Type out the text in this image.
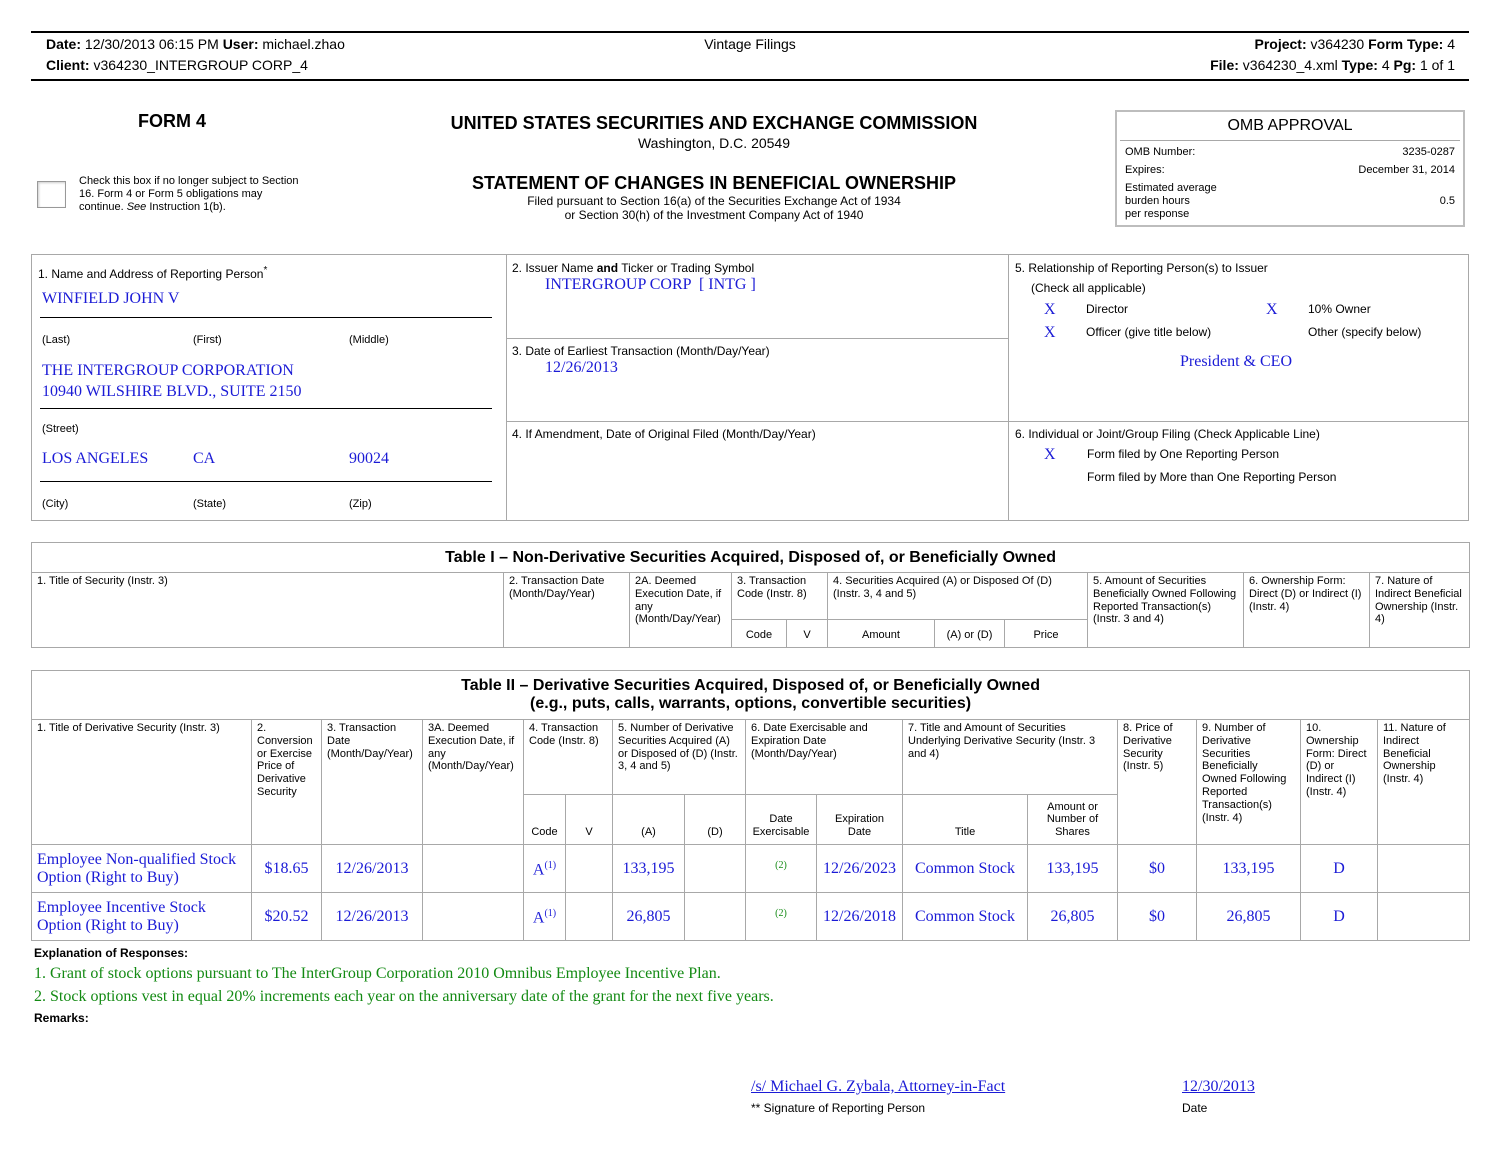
Date: 12/30/2013 06:15 PM User: michael.zhao
Client: v364230_INTERGROUP CORP_4
Vintage Filings	Project: v364230 Form Type: 4
File: v364230_4.xml Type: 4 Pg: 1 of 1
FORM 4
Check this box if no longer subject to Section
16. Form 4 or Form 5 obligations may
continue. See Instruction 1(b).
UNITED STATES SECURITIES AND EXCHANGE COMMISSION
Washington, D.C. 20549
STATEMENT OF CHANGES IN BENEFICIAL OWNERSHIP
Filed pursuant to Section 16(a) of the Securities Exchange Act of 1934
or Section 30(h) of the Investment Company Act of 1940
OMB APPROVAL
OMB Number:	3235-0287
Expires:	December 31, 2014
Estimated average
burden hours
per response
0.5
1. Name and Address of Reporting Person*
WINFIELD JOHN V
(Last)	(First)	(Middle)
THE INTERGROUP CORPORATION
10940 WILSHIRE BLVD., SUITE 2150
(Street)
LOS ANGELES	CA	90024
(City)	(State)	(Zip)
2. Issuer Name and Ticker or Trading Symbol
INTERGROUP CORP  [ INTG ]
3. Date of Earliest Transaction (Month/Day/Year)
12/26/2013
4. If Amendment, Date of Original Filed (Month/Day/Year)
5. Relationship of Reporting Person(s) to Issuer
(Check all applicable)
X	Director	X	10% Owner
X	Officer (give title below)	Other (specify below)
President & CEO
6. Individual or Joint/Group Filing (Check Applicable Line)
X	Form filed by One Reporting Person
Form filed by More than One Reporting Person
Table I – Non-Derivative Securities Acquired, Disposed of, or Beneficially Owned										
1. Title of Security (Instr. 3)	2. Transaction Date (Month/Day/Year)	2A. Deemed Execution Date, if any (Month/Day/Year)	3. Transaction Code (Instr. 8)		4. Securities Acquired (A) or Disposed Of (D) (Instr. 3, 4 and 5)			5. Amount of Securities Beneficially Owned Following Reported Transaction(s) (Instr. 3 and 4)	6. Ownership Form: Direct (D) or Indirect (I) (Instr. 4)	7. Nature of Indirect Beneficial Ownership (Instr. 4)
			Code	V	Amount	(A) or (D)	Price			
Table II – Derivative Securities Acquired, Disposed of, or Beneficially Owned
(e.g., puts, calls, warrants, options, convertible securities)															

1. Title of Derivative Security (Instr. 3)	2. Conversion or Exercise Price of Derivative Security	3. Transaction Date (Month/Day/Year)	3A. Deemed Execution Date, if any (Month/Day/Year)	4. Transaction Code (Instr. 8)		5. Number of Derivative Securities Acquired (A) or Disposed of (D) (Instr. 3, 4 and 5)		6. Date Exercisable and Expiration Date (Month/Day/Year)		7. Title and Amount of Securities Underlying Derivative Security (Instr. 3 and 4)		8. Price of Derivative Security (Instr. 5)	9. Number of Derivative Securities Beneficially Owned Following Reported Transaction(s) (Instr. 4)	10. Ownership Form: Direct (D) or Indirect (I) (Instr. 4)	11. Nature of Indirect Beneficial Ownership (Instr. 4)
				Code	V	(A)	(D)	Date Exercisable	Expiration Date	Title	Amount or Number of Shares				
Employee Non-qualified Stock Option (Right to Buy)	$18.65	12/26/2013		$A^{(1)}$		133,195		$^{(2)}$	12/26/2023	Common Stock	133,195	$0	133,195	D	
Employee Incentive Stock Option (Right to Buy)	$20.52	12/26/2013		$A^{(1)}$		26,805		$^{(2)}$	12/26/2018	Common Stock	26,805	$0	26,805	D	
Explanation of Responses:
1. Grant of stock options pursuant to The InterGroup Corporation 2010 Omnibus Employee Incentive Plan.
2. Stock options vest in equal 20% increments each year on the anniversary date of the grant for the next five years.
Remarks:
/s/ Michael G. Zybala, Attorney-in-Fact
** Signature of Reporting Person
12/30/2013
Date
